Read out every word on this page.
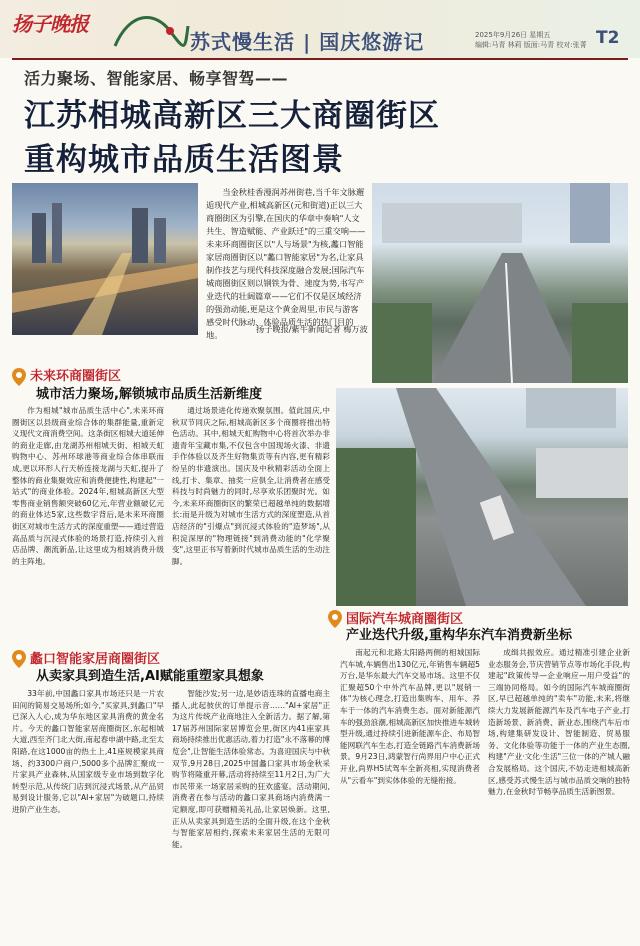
扬子晚报
苏式慢生活 | 国庆悠游记	2025年9月26日 星期五
编辑:马青 林莉 版面:马青 校对:张菁 T2
活力聚场、智能家居、畅享智驾——
江苏相城高新区三大商圈街区
重构城市品质生活图景
当金秋桂香漫润苏州街巷,当千年文脉邂逅现代产业,相城高新区(元和街道)正以三大商圈街区为引擎,在国庆的华章中奏响"人文共生、智造赋能、产业跃迁"的三重交响——未来环商圈街区以"人与场景"为核,蠡口智能家居商圈街区以"蠡口智能家居"为名,让家具制作技艺与现代科技深度融合发展;国际汽车城商圈街区则以钢铁为骨、速度为势,书写产业迭代的壮阔篇章——它们不仅是区域经济的强劲动能,更是这个黄金周里,市民与游客感受时代脉动、体验品质生活的热门目的地。
扬子晚报/紫牛新闻记者 梅万波
未来环商圈街区
城市活力聚场,解锁城市品质生活新维度

作为相城"城市品质生活中心",未来环商圈街区以县级商业综合体的集群能量,重新定义现代文商消费空间。这条街区相城大道延伸的商业走廊,由龙湖苏州相城天街、相城天虹购物中心、苏州环球港等商业综合体串联而成,更以环形人行天桥连接龙湖与天虹,提升了整体的商业集聚效应和消费便捷性,构建起"一站式"的商业体验。2024年,相城高新区大型零售商业销售额突破60亿元,年营业额破亿元的商业体达5家,这些数字背后,是未来环商圈街区对城市生活方式的深度重塑——通过营造高品质与沉浸式体验的场景打造,持续引入首店品牌、潮流新品,让这里成为相城消费升级的主阵地。

通过场景进化传递欢聚氛围。值此国庆,中秋双节同庆之际,相城高新区多个商圈将推出特色活动。其中,相城天虹购物中心将首次举办非遗青年宝藏市集,不仅包含中国现场火漆、非遗手作体验以及齐生好物集贡等有内容,更有精彩纷呈的非遗演出。国庆及中秋精彩活动全面上线,打卡、集章、抽奖一应俱全,让消费者在感受科技与时尚魅力的同时,尽享欢乐团聚时光。如今,未来环商圈街区的繁荣已超越单纯的数据增长:而是升级为对城市生活方式的深度塑造,从首店经济的"引爆点"到沉浸式体验的"造梦场",从积淀深厚的"物理链接"到消费动能的"化学聚变",这里正书写着新时代城市品质生活的生动注脚。

蠡口智能家居商圈街区
从卖家具到造生活,AI赋能重塑家具想象

33年前,中国蠡口家具市场还只是一片农田间的简易交易场所;如今,"买家具,到蠡口"早已深入人心,成为华东地区家具消费的黄金名片。今天的蠡口智能家居商圈街区,东起相城大道,西至齐门北大街,南起春申湖中路,北至太阳路,在这1000亩的热土上,41座规模家具商场、约3300户商户,5000多个品牌汇聚成一片家具产业森林,从国家级专业市场到数字化转型示范,从传统门店到沉浸式场景,从产品贸易到设计服务,它以"AI+家居"为破题口,持续进阶产业生态。

智能沙发;另一边,是妙语连珠的直播电商主播人,此起彼伏的订单提示音……"AI+家居"正为这片传统产业商地注入全新活力。据了解,第17届苏州国际家居博览会里,街区内41座家具商场持续推出优惠活动,着力打造"永不落幕的博览会",让智能生活体验常态。为喜迎国庆与中秋双节,9月28日,2025中国蠡口家具市场金秋采购节将隆重开幕,活动将持续至11月2日,为广大市民带来一场家居采购的狂欢盛宴。活动期间,消费者在参与活动的蠡口家具商场内消费满一定额度,即可获赠精美礼品,让家居焕新。这里,正从从卖家具到造生活的全面升级,在这个金秋与智能家居相约,探索未来家居生活的无限可能。

国际汽车城商圈街区
产业迭代升级,重构华东汽车消费新坐标

南起元和北路太阳路两侧的相城国际汽车城,车辆售出130亿元,年销售车辆超5万台,是华东最大汽车交易市场。这里不仅汇聚超50个中外汽车品牌,更以"展销一体"为核心理念,打造出集购车、用车、养车于一体的汽车消费生态。面对新能源汽车的强劲浪潮,相城高新区加快推进车城转型升级,通过持续引进新能源车企、布局智能网联汽车生态,打造全链路汽车消费新场景。9月23日,鸿蒙智行尚界用户中心正式开业,尚界H5试驾车全新亮相,实现消费者从"云看车"到实体体验的无缝衔接。

成缉共振效应。通过精准引建企业新业态服务会,节庆营销节点等市场化手段,构建起"政策传导—企业响应—用户受益"的三端协同格局。如今的国际汽车城商圈街区,早已超越单纯的"卖车"功能,未来,将继续大力发展新能源汽车及汽车电子产业,打造新场景、新消费、新业态,围绕汽车后市场,构建集研发设计、智能制造、贸易服务、文化体验等功能于一体的产业生态圈,构建"产业·文化·生活"三位一体的产城人融合发展格局。这个国庆,不妨走进相城高新区,感受苏式慢生活与城市品质交响的独特魅力,在金秋时节畅享品质生活新图景。
